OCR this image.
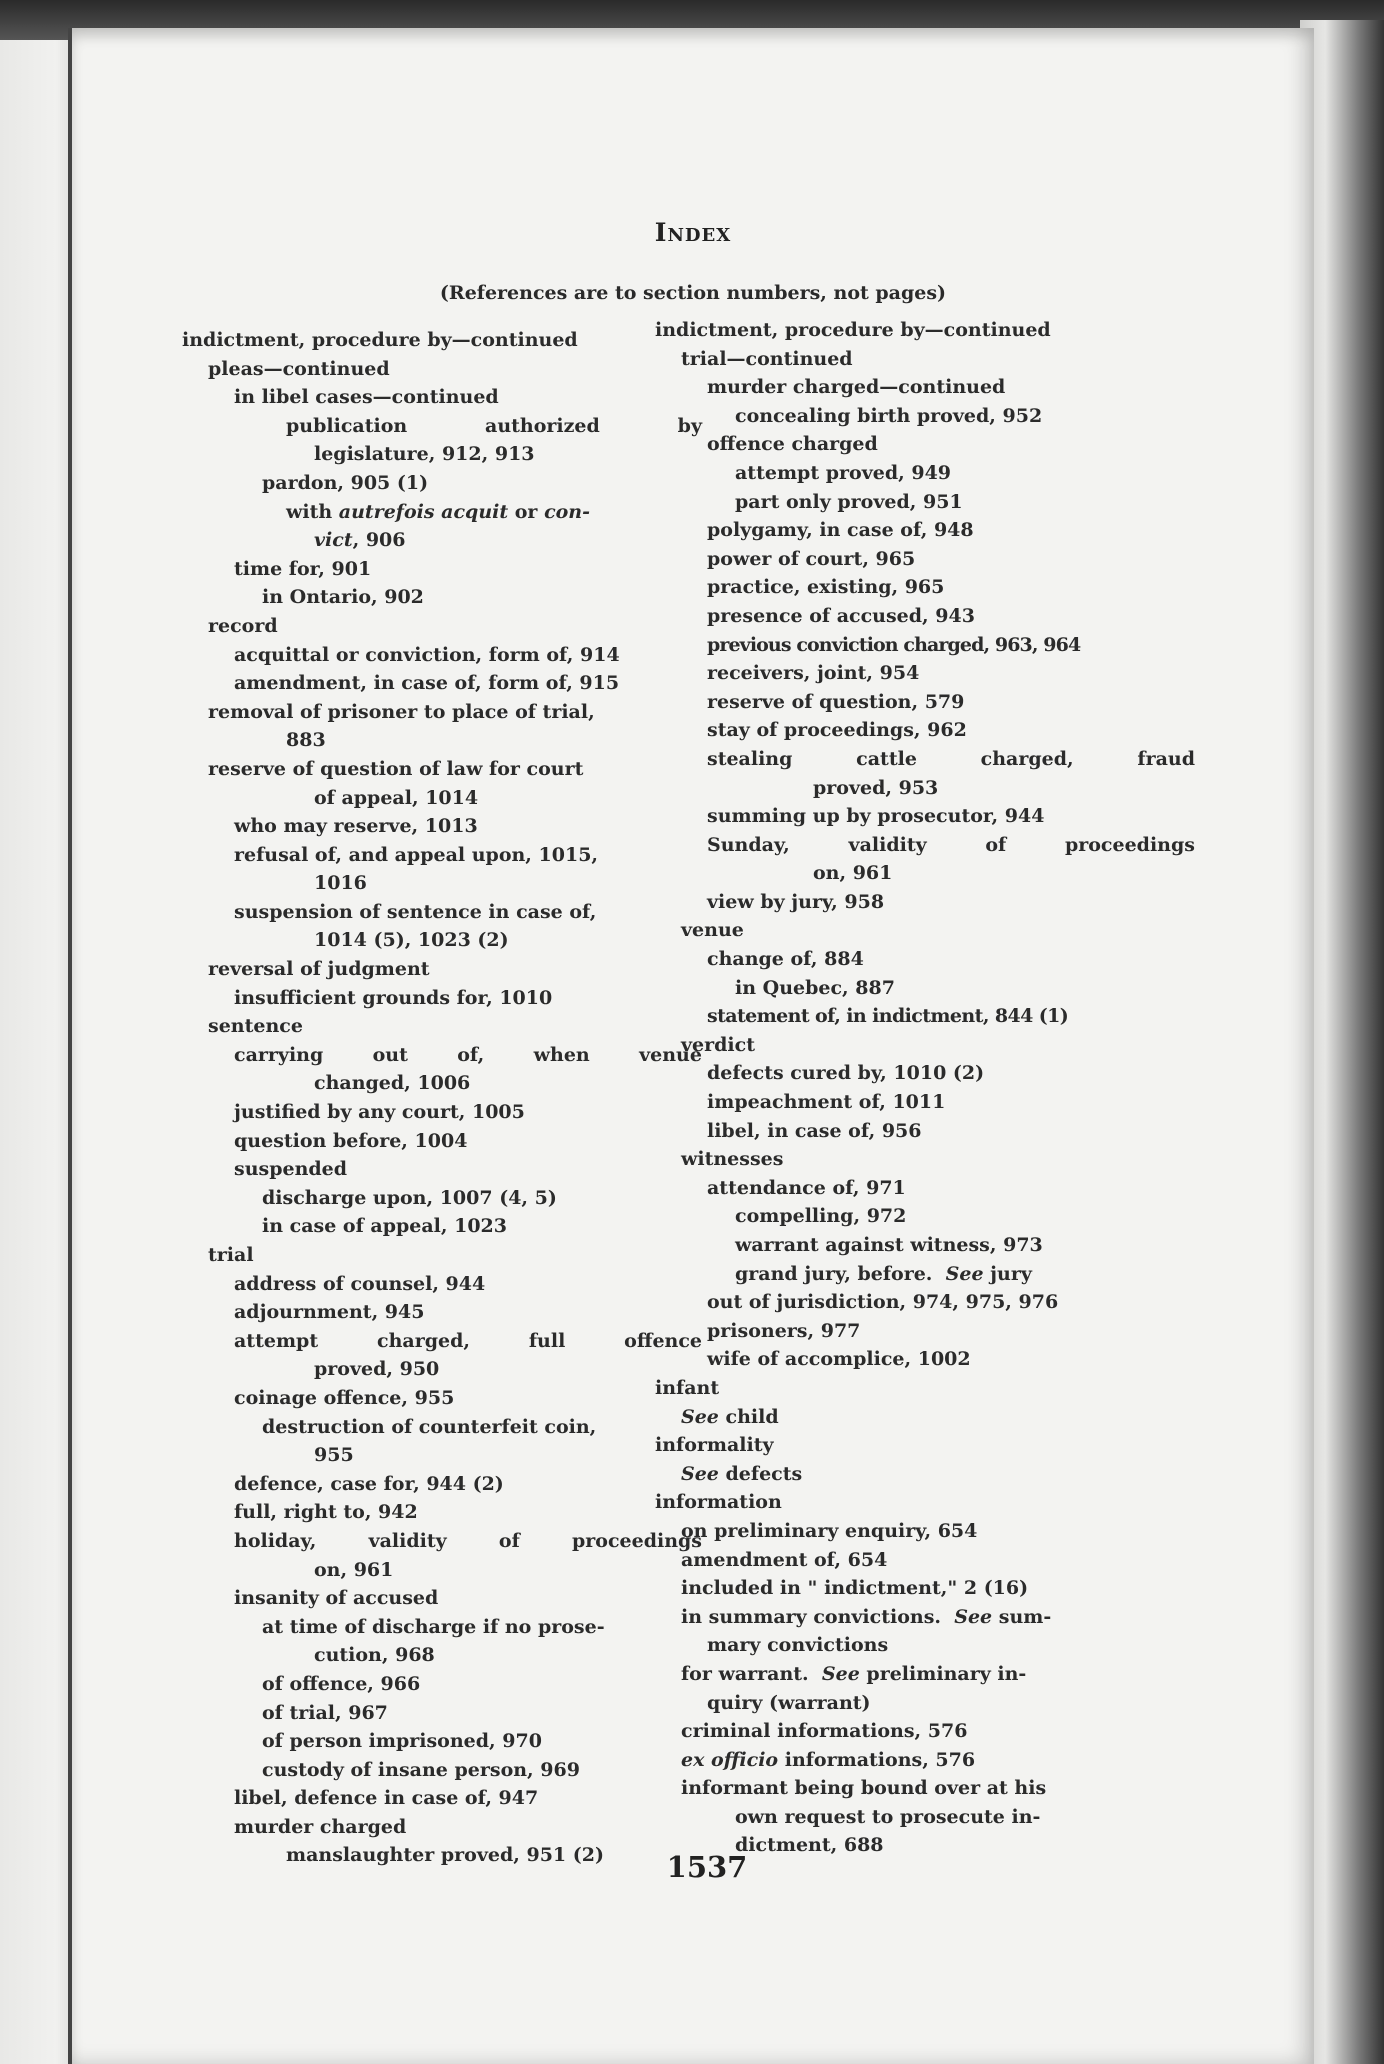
Index
(References are to section numbers, not pages)
indictment, procedure by—continued
pleas—continued
in libel cases—continued
publication	authorized	by
legislature, 912, 913
pardon, 905 (1)
with autrefois acquit or con-
vict, 906
time for, 901
in Ontario, 902
record
acquittal or conviction, form of, 914
amendment, in case of, form of, 915
removal of prisoner to place of trial,
883
reserve of question of law for court
of appeal, 1014
who may reserve, 1013
refusal of, and appeal upon, 1015,
1016
suspension of sentence in case of,
1014 (5), 1023 (2)
reversal of judgment
insufficient grounds for, 1010
sentence
carrying	out	of,	when	venue
changed, 1006
justified by any court, 1005
question before, 1004
suspended
discharge upon, 1007 (4, 5)
in case of appeal, 1023
trial
address of counsel, 944
adjournment, 945
attempt	charged,	full	offence
proved, 950
coinage offence, 955
destruction of counterfeit coin,
955
defence, case for, 944 (2)
full, right to, 942
holiday,	validity	of	proceedings
on, 961
insanity of accused
at time of discharge if no prose-
cution, 968
of offence, 966
of trial, 967
of person imprisoned, 970
custody of insane person, 969
libel, defence in case of, 947
murder charged
manslaughter proved, 951 (2)
indictment, procedure by—continued
trial—continued
murder charged—continued
concealing birth proved, 952
offence charged
attempt proved, 949
part only proved, 951
polygamy, in case of, 948
power of court, 965
practice, existing, 965
presence of accused, 943
previous conviction charged, 963, 964
receivers, joint, 954
reserve of question, 579
stay of proceedings, 962
stealing	cattle	charged,	fraud
proved, 953
summing up by prosecutor, 944
Sunday,	validity	of	proceedings
on, 961
view by jury, 958
venue
change of, 884
in Quebec, 887
statement of, in indictment, 844 (1)
verdict
defects cured by, 1010 (2)
impeachment of, 1011
libel, in case of, 956
witnesses
attendance of, 971
compelling, 972
warrant against witness, 973
grand jury, before.  See jury
out of jurisdiction, 974, 975, 976
prisoners, 977
wife of accomplice, 1002
infant
See child
informality
See defects
information
on preliminary enquiry, 654
amendment of, 654
included in " indictment," 2 (16)
in summary convictions.  See sum-
mary convictions
for warrant.  See preliminary in-
quiry (warrant)
criminal informations, 576
ex officio informations, 576
informant being bound over at his
own request to prosecute in-
dictment, 688
1537
